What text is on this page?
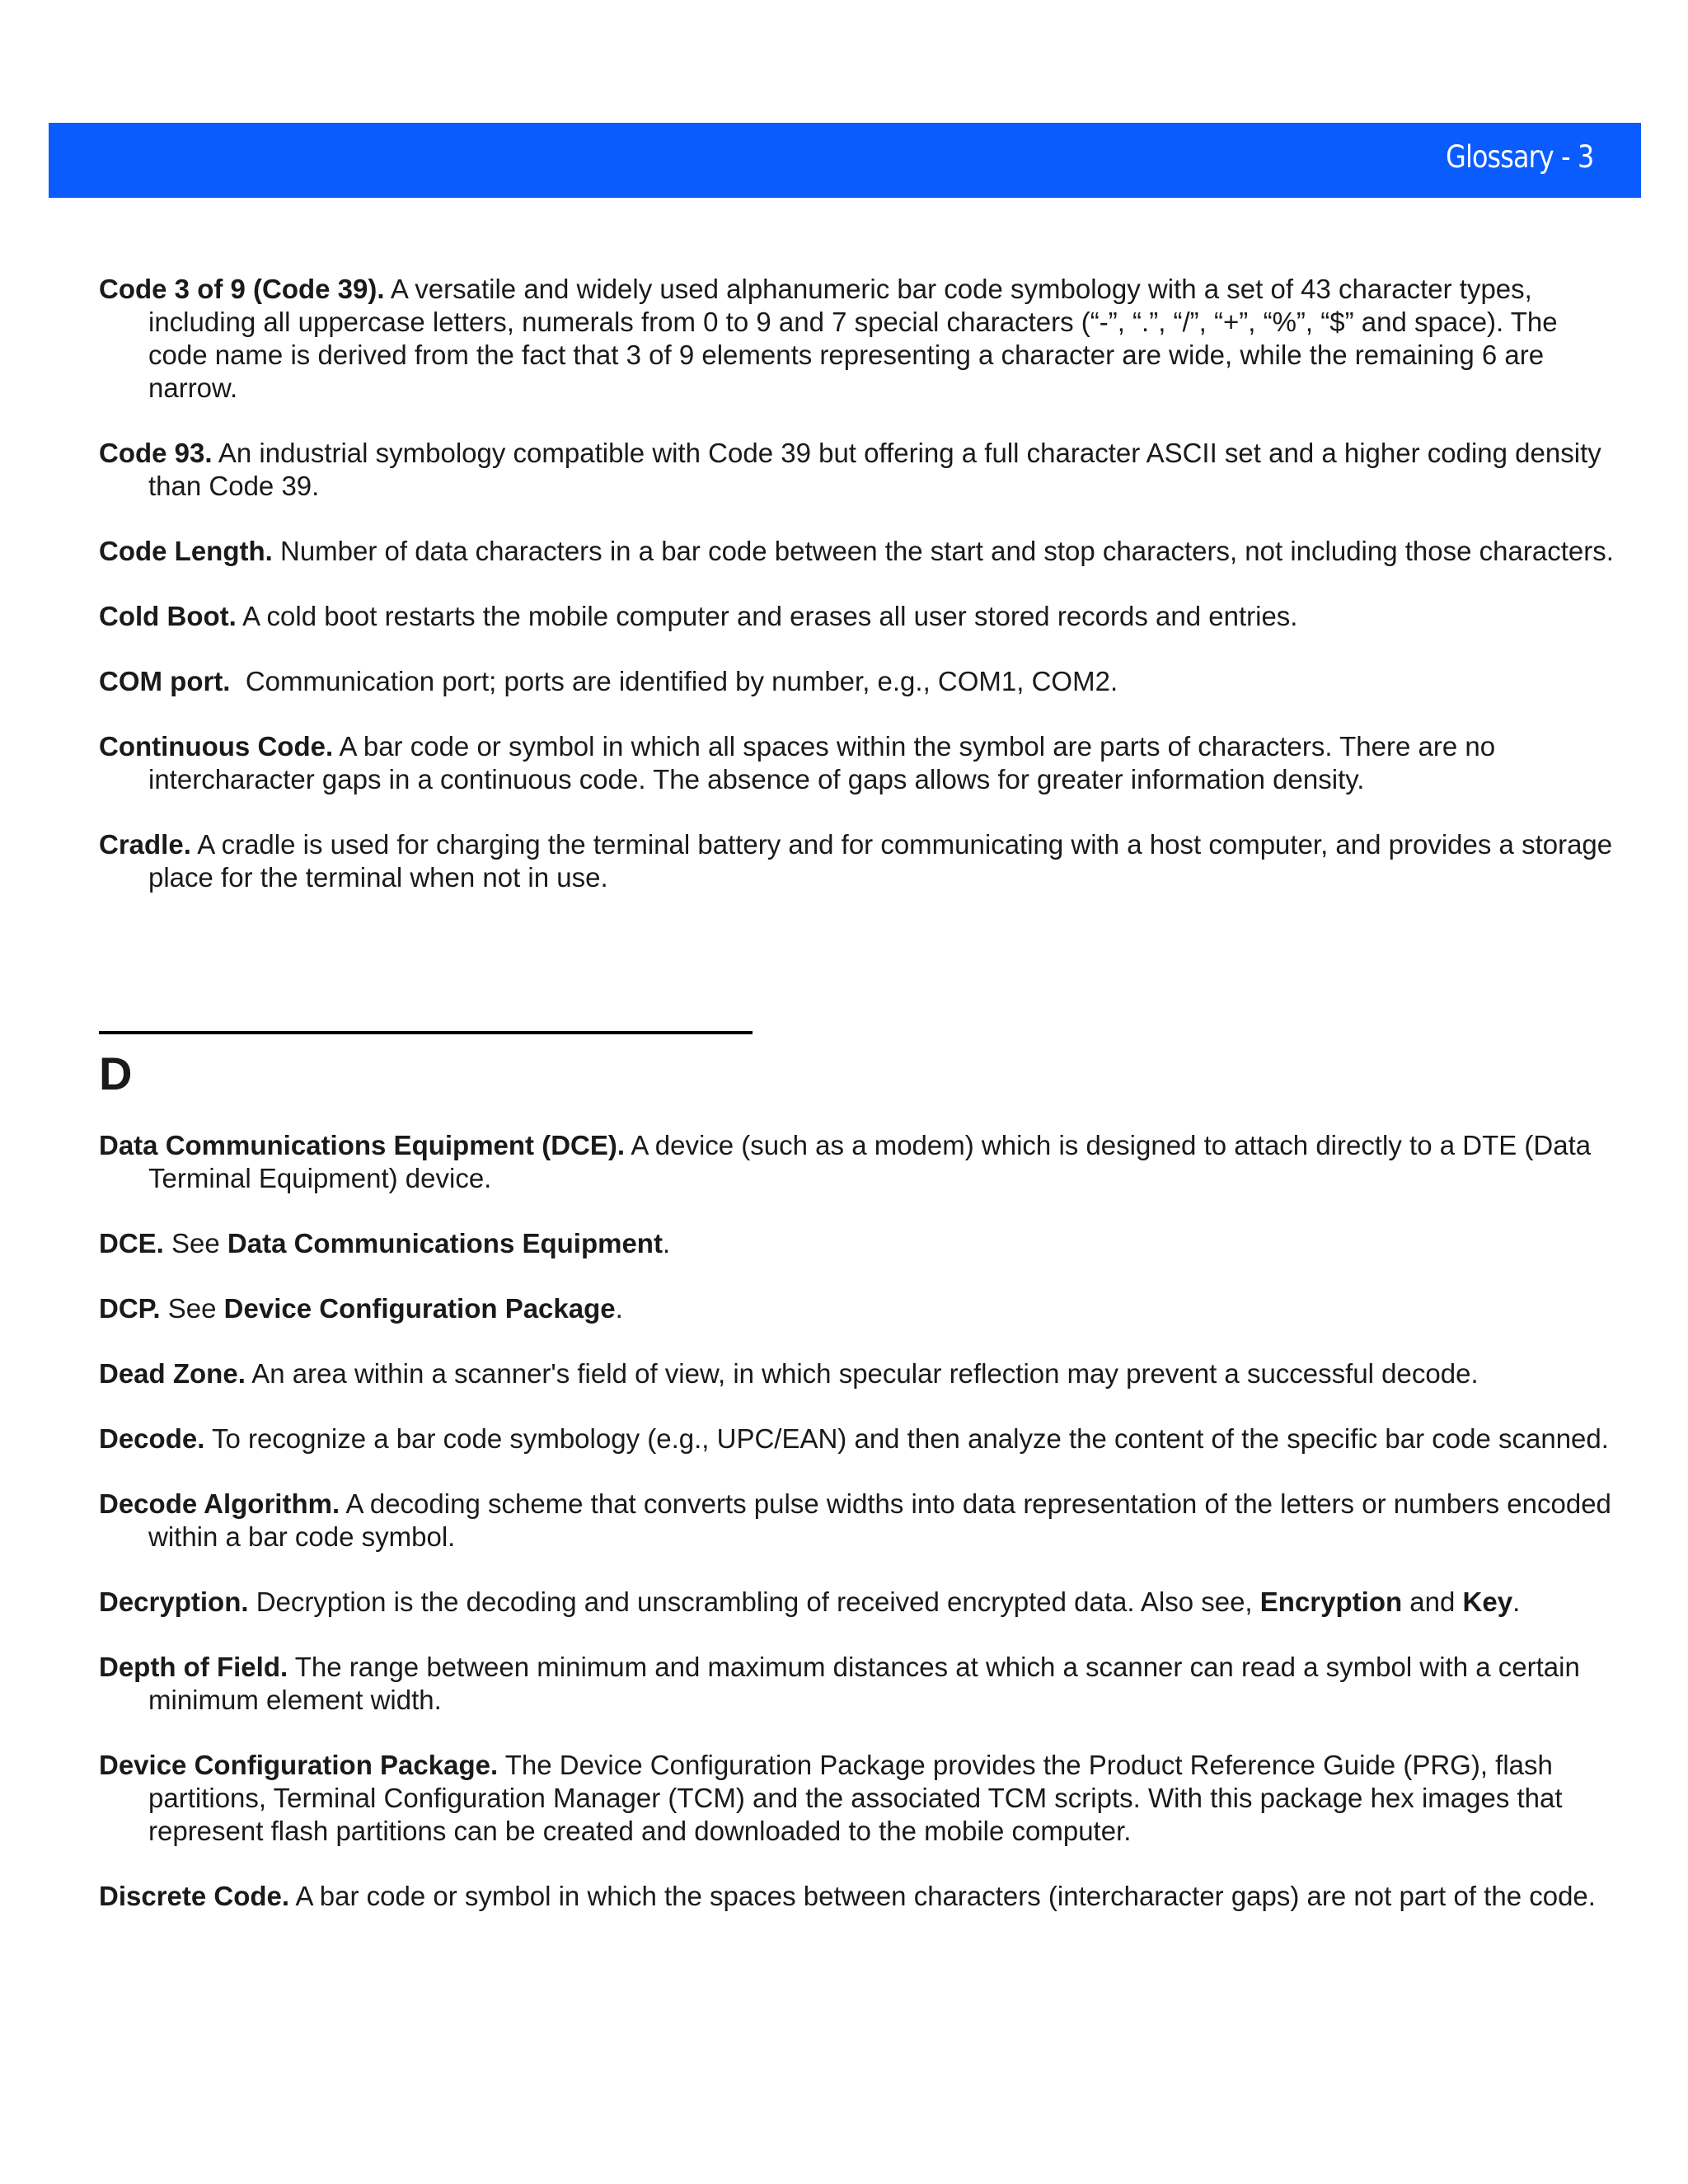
Glossary - 3

Code 3 of 9 (Code 39). A versatile and widely used alphanumeric bar code symbology with a set of 43 character types, including all uppercase letters, numerals from 0 to 9 and 7 special characters (“-”, “.”, “/”, “+”, “%”, “$” and space). The code name is derived from the fact that 3 of 9 elements representing a character are wide, while the remaining 6 are narrow.

Code 93. An industrial symbology compatible with Code 39 but offering a full character ASCII set and a higher coding density than Code 39.

Code Length. Number of data characters in a bar code between the start and stop characters, not including those characters.

Cold Boot. A cold boot restarts the mobile computer and erases all user stored records and entries.

COM port.  Communication port; ports are identified by number, e.g., COM1, COM2.

Continuous Code. A bar code or symbol in which all spaces within the symbol are parts of characters. There are no intercharacter gaps in a continuous code. The absence of gaps allows for greater information density.

Cradle. A cradle is used for charging the terminal battery and for communicating with a host computer, and provides a storage place for the terminal when not in use.

D

Data Communications Equipment (DCE). A device (such as a modem) which is designed to attach directly to a DTE (Data Terminal Equipment) device.

DCE. See Data Communications Equipment.

DCP. See Device Configuration Package.

Dead Zone. An area within a scanner's field of view, in which specular reflection may prevent a successful decode.

Decode. To recognize a bar code symbology (e.g., UPC/EAN) and then analyze the content of the specific bar code scanned.

Decode Algorithm. A decoding scheme that converts pulse widths into data representation of the letters or numbers encoded within a bar code symbol.

Decryption. Decryption is the decoding and unscrambling of received encrypted data. Also see, Encryption and Key.

Depth of Field. The range between minimum and maximum distances at which a scanner can read a symbol with a certain minimum element width.

Device Configuration Package. The Device Configuration Package provides the Product Reference Guide (PRG), flash partitions, Terminal Configuration Manager (TCM) and the associated TCM scripts. With this package hex images that represent flash partitions can be created and downloaded to the mobile computer.

Discrete Code. A bar code or symbol in which the spaces between characters (intercharacter gaps) are not part of the code.
